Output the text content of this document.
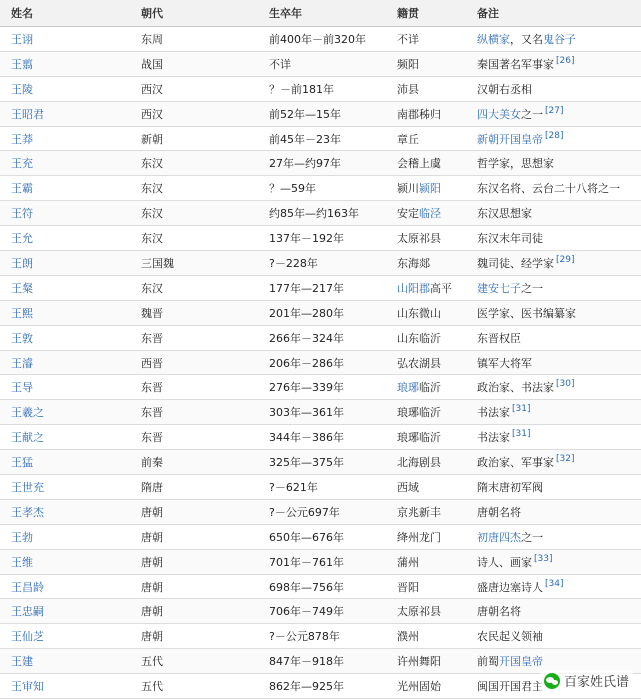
姓名	朝代	生卒年	籍贯	备注
王诩	东周	前400年－前320年	不详	纵横家，又名鬼谷子
王翦	战国	不详	频阳	秦国著名军事家 [26]
王陵	西汉	？－前181年	沛县	汉朝右丞相
王昭君	西汉	前52年—15年	南郡秭归	四大美女之一 [27]
王莽	新朝	前45年－23年	章丘	新朝开国皇帝 [28]
王充	东汉	27年—约97年	会稽上虞	哲学家，思想家
王霸	东汉	？—59年	颍川颍阳	东汉名将、云台二十八将之一
王符	东汉	约85年—约163年	安定临泾	东汉思想家
王允	东汉	137年－192年	太原祁县	东汉末年司徒
王朗	三国魏	?－228年	东海郯	魏司徒、经学家 [29]
王粲	东汉	177年—217年	山阳郡高平	建安七子之一
王熙	魏晋	201年—280年	山东微山	医学家、医书编纂家
王敦	东晋	266年－324年	山东临沂	东晋权臣
王濬	西晋	206年－286年	弘农湖县	镇军大将军
王导	东晋	276年—339年	琅琊临沂	政治家、书法家 [30]
王羲之	东晋	303年—361年	琅琊临沂	书法家 [31]
王献之	东晋	344年－386年	琅琊临沂	书法家 [31]
王猛	前秦	325年—375年	北海剧县	政治家、军事家 [32]
王世充	隋唐	?－621年	西域	隋末唐初军阀
王孝杰	唐朝	?－公元697年	京兆新丰	唐朝名将
王勃	唐朝	650年—676年	绛州龙门	初唐四杰之一
王维	唐朝	701年－761年	蒲州	诗人、画家 [33]
王昌龄	唐朝	698年—756年	晋阳	盛唐边塞诗人 [34]
王忠嗣	唐朝	706年－749年	太原祁县	唐朝名将
王仙芝	唐朝	?－公元878年	濮州	农民起义领袖
王建	五代	847年－918年	许州舞阳	前蜀开国皇帝
王审知	五代	862年—925年	光州固始	闽国开国君主 百家姓氏谱
